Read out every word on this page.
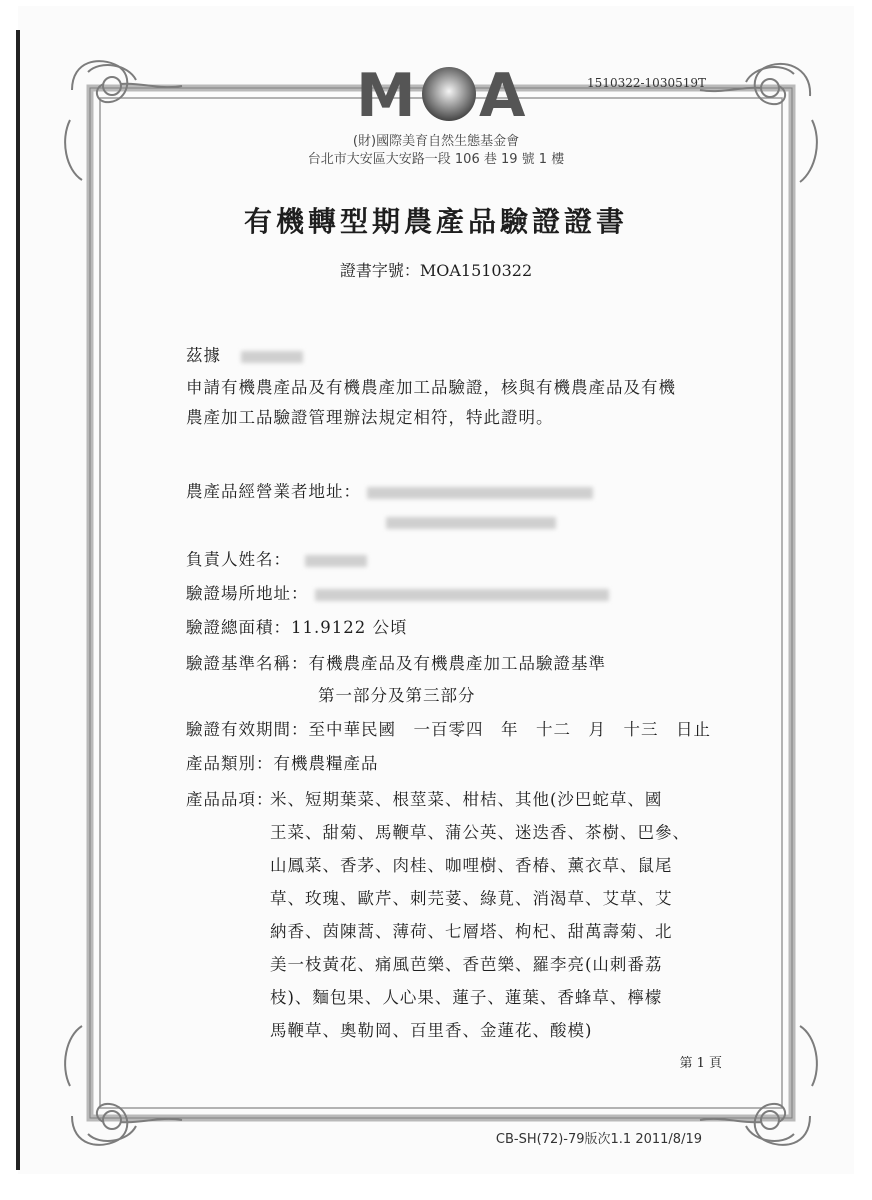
M A	1510322-1030519T
(財)國際美育自然生態基金會
台北市大安區大安路一段 106 巷 19 號 1 樓
有機轉型期農產品驗證證書
證書字號：MOA1510322
茲據
申請有機農產品及有機農產加工品驗證，核與有機農產品及有機
農產加工品驗證管理辦法規定相符，特此證明。
農產品經營業者地址：
負責人姓名：
驗證場所地址：
驗證總面積：11.9122 公頃
驗證基準名稱：有機農產品及有機農產加工品驗證基準
第一部分及第三部分
驗證有效期間：至中華民國　一百零四　年　十二　月　十三　日止
產品類別：有機農糧產品
產品品項：
米、短期葉菜、根莖菜、柑桔、其他(沙巴蛇草、國
王菜、甜菊、馬鞭草、蒲公英、迷迭香、茶樹、巴參、
山鳳菜、香茅、肉桂、咖哩樹、香椿、薰衣草、鼠尾
草、玫瑰、歐芹、刺芫荽、綠莧、消渴草、艾草、艾
納香、茵陳蒿、薄荷、七層塔、枸杞、甜萬壽菊、北
美一枝黃花、痛風芭樂、香芭樂、羅李亮(山刺番荔
枝)、麵包果、人心果、蓮子、蓮葉、香蜂草、檸檬
馬鞭草、奧勒岡、百里香、金蓮花、酸模)
第 1 頁
CB-SH(72)-79版次1.1 2011/8/19
